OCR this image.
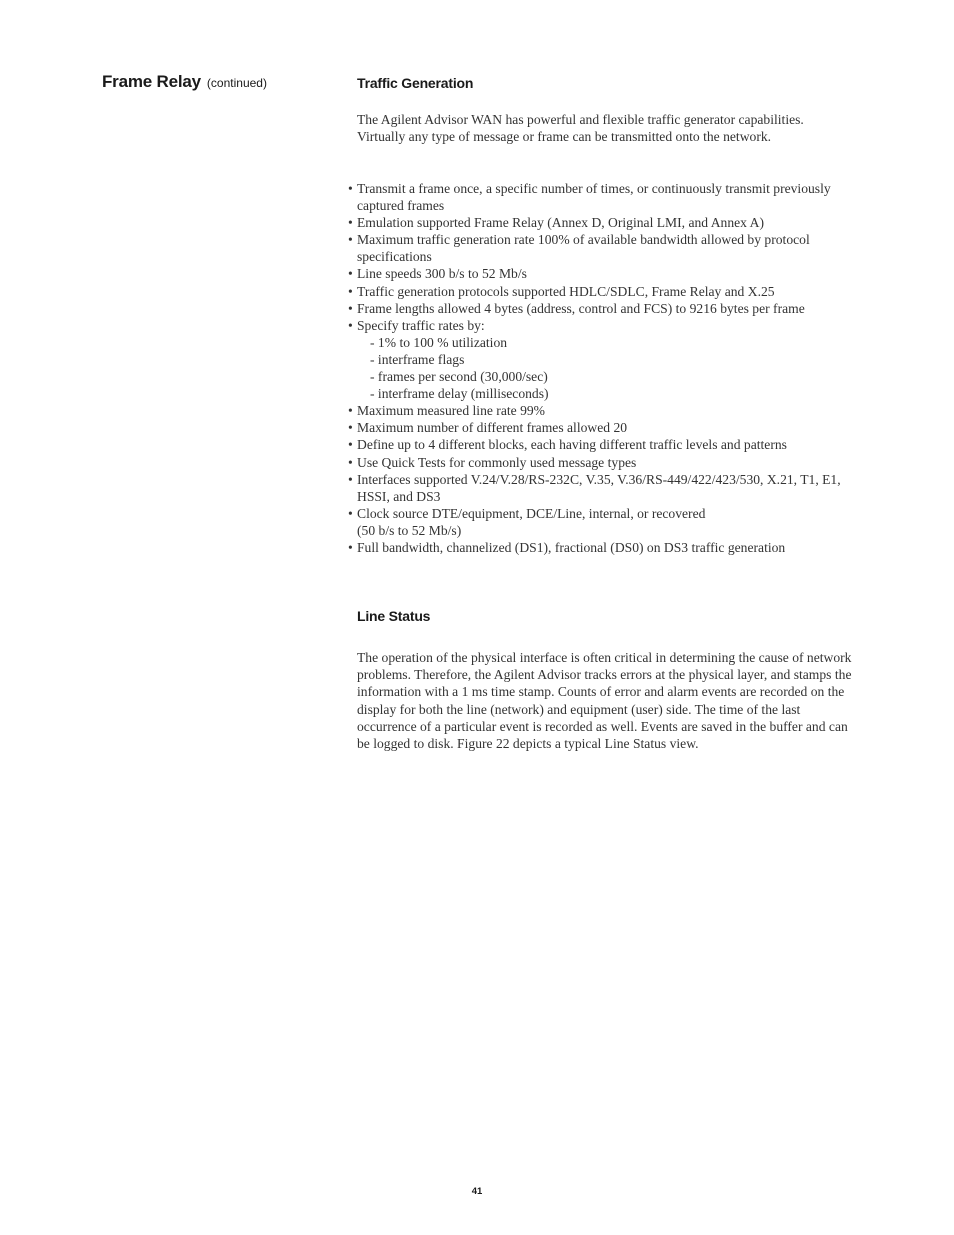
Frame Relay (continued)	Traffic Generation

The Agilent Advisor WAN has powerful and flexible traffic generator capabilities. Virtually any type of message or frame can be transmitted onto the network.

• Transmit a frame once, a specific number of times, or continuously transmit previously captured frames
• Emulation supported Frame Relay (Annex D, Original LMI, and Annex A)
• Maximum traffic generation rate 100% of available bandwidth allowed by protocol specifications
• Line speeds 300 b/s to 52 Mb/s
• Traffic generation protocols supported HDLC/SDLC, Frame Relay and X.25
• Frame lengths allowed 4 bytes (address, control and FCS) to 9216 bytes per frame
• Specify traffic rates by:
- 1% to 100 % utilization
- interframe flags
- frames per second (30,000/sec)
- interframe delay (milliseconds)
• Maximum measured line rate 99%
• Maximum number of different frames allowed 20
• Define up to 4 different blocks, each having different traffic levels and patterns
• Use Quick Tests for commonly used message types
• Interfaces supported V.24/V.28/RS-232C, V.35, V.36/RS-449/422/423/530, X.21, T1, E1, HSSI, and DS3
• Clock source DTE/equipment, DCE/Line, internal, or recovered
(50 b/s to 52 Mb/s)
• Full bandwidth, channelized (DS1), fractional (DS0) on DS3 traffic generation
Line Status

The operation of the physical interface is often critical in determining the cause of network problems. Therefore, the Agilent Advisor tracks errors at the physical layer, and stamps the information with a 1 ms time stamp. Counts of error and alarm events are recorded on the display for both the line (network) and equipment (user) side. The time of the last occurrence of a particular event is recorded as well. Events are saved in the buffer and can be logged to disk. Figure 22 depicts a typical Line Status view.

41
